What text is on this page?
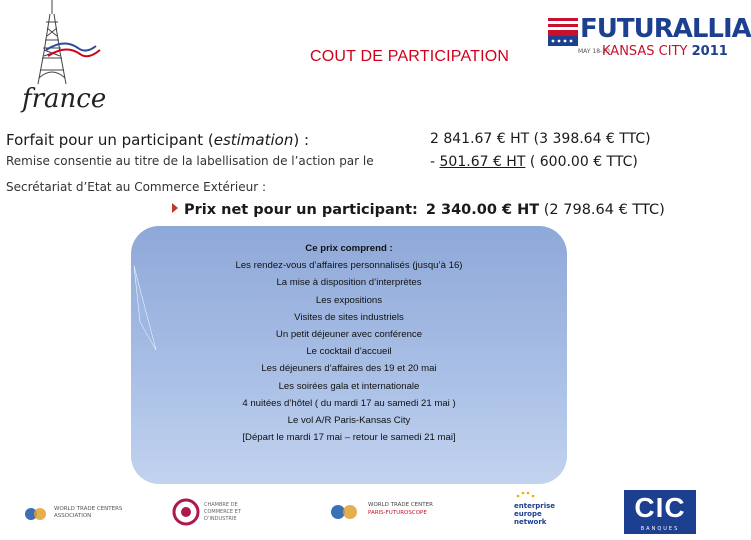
france
FUTURALLIA
MAY 18-20
KANSAS CITY 2011
COUT DE PARTICIPATION
Forfait pour un participant (estimation) :	2 841.67 € HT (3 398.64 € TTC)
Remise consentie au titre de la labellisation de l’action par le	- 501.67 € HT ( 600.00 € TTC)
Secrétariat d’Etat au Commerce Extérieur :
Prix net pour un participant: 2 340.00 € HT (2 798.64 € TTC)
Ce prix comprend :
Les rendez-vous d’affaires personnalisés (jusqu’à 16)
La mise à disposition d’interprètes
Les expositions
Visites de sites industriels
Un petit déjeuner avec conférence
Le cocktail d’accueil
Les déjeuners d’affaires des 19 et 20 mai
Les soirées gala et internationale
4 nuitées d’hôtel ( du mardi 17 au samedi 21 mai )
Le vol A/R Paris-Kansas City
[Départ le mardi 17 mai – retour le samedi 21 mai]
WORLD TRADE CENTERS ASSOCIATION
CHAMBRE DE COMMERCE ET D’INDUSTRIE
WORLD TRADE CENTER
PARIS-FUTUROSCOPE
enterprise
europe
network	CIC
BANQUES
